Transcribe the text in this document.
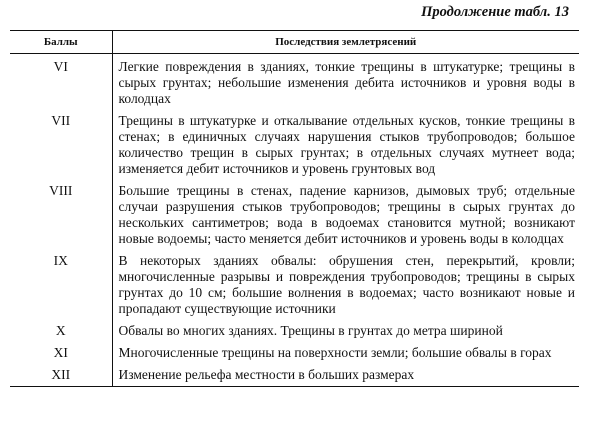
Продолжение табл. 13
Баллы	Последствия землетрясений
VI	Легкие повреждения в зданиях, тонкие трещины в штукатурке; трещины в сырых грунтах; небольшие изменения дебита источников и уровня воды в колодцах
VII	Трещины в штукатурке и откалывание отдельных кусков, тонкие трещины в стенах; в единичных случаях нарушения стыков трубопроводов; большое количество трещин в сырых грунтах; в отдельных случаях мутнеет вода; изменяется дебит источников и уровень грунтовых вод
VIII	Большие трещины в стенах, падение карнизов, дымовых труб; отдельные случаи разрушения стыков трубопроводов; трещины в сырых грунтах до нескольких сантиметров; вода в водоемах становится мутной; возникают новые водоемы; часто меняется дебит источников и уровень воды в колодцах
IX	В некоторых зданиях обвалы: обрушения стен, перекрытий, кровли; многочисленные разрывы и повреждения трубопроводов; трещины в сырых грунтах до 10 см; большие волнения в водоемах; часто возникают новые и пропадают существующие источники
X	Обвалы во многих зданиях. Трещины в грунтах до метра шириной
XI	Многочисленные трещины на поверхности земли; большие обвалы в горах
XII	Изменение рельефа местности в больших размерах
